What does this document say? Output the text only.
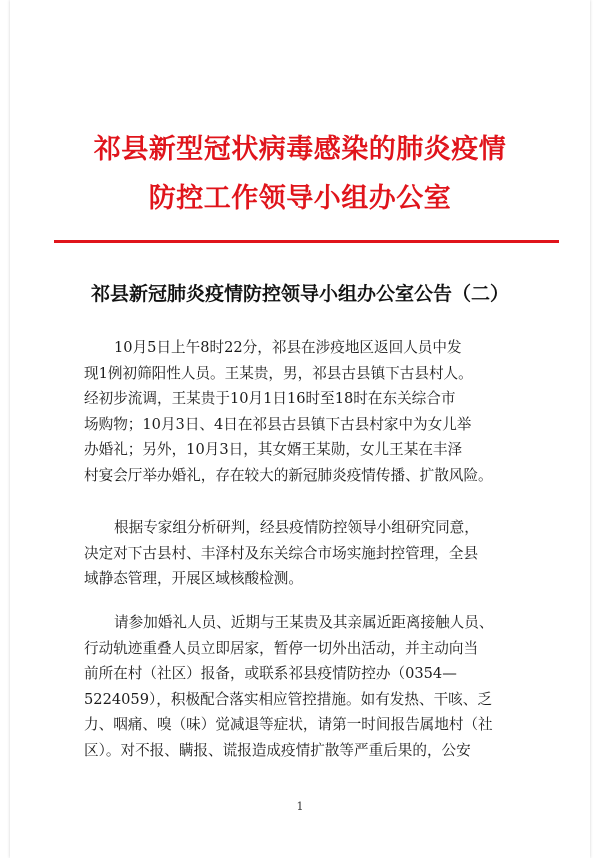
祁县新型冠状病毒感染的肺炎疫情
防控工作领导小组办公室
祁县新冠肺炎疫情防控领导小组办公室公告（二）
10月5日上午8时22分，祁县在涉疫地区返回人员中发
现1例初筛阳性人员。王某贵，男，祁县古县镇下古县村人。
经初步流调，王某贵于10月1日16时至18时在东关综合市
场购物；10月3日、4日在祁县古县镇下古县村家中为女儿举
办婚礼；另外，10月3日，其女婿王某勋，女儿王某在丰泽
村宴会厅举办婚礼，存在较大的新冠肺炎疫情传播、扩散风险。
根据专家组分析研判，经县疫情防控领导小组研究同意，
决定对下古县村、丰泽村及东关综合市场实施封控管理，全县
域静态管理，开展区域核酸检测。
请参加婚礼人员、近期与王某贵及其亲属近距离接触人员、
行动轨迹重叠人员立即居家，暂停一切外出活动，并主动向当
前所在村（社区）报备，或联系祁县疫情防控办（0354—
5224059），积极配合落实相应管控措施。如有发热、干咳、乏
力、咽痛、嗅（味）觉减退等症状，请第一时间报告属地村（社
区）。对不报、瞒报、谎报造成疫情扩散等严重后果的，公安
1
